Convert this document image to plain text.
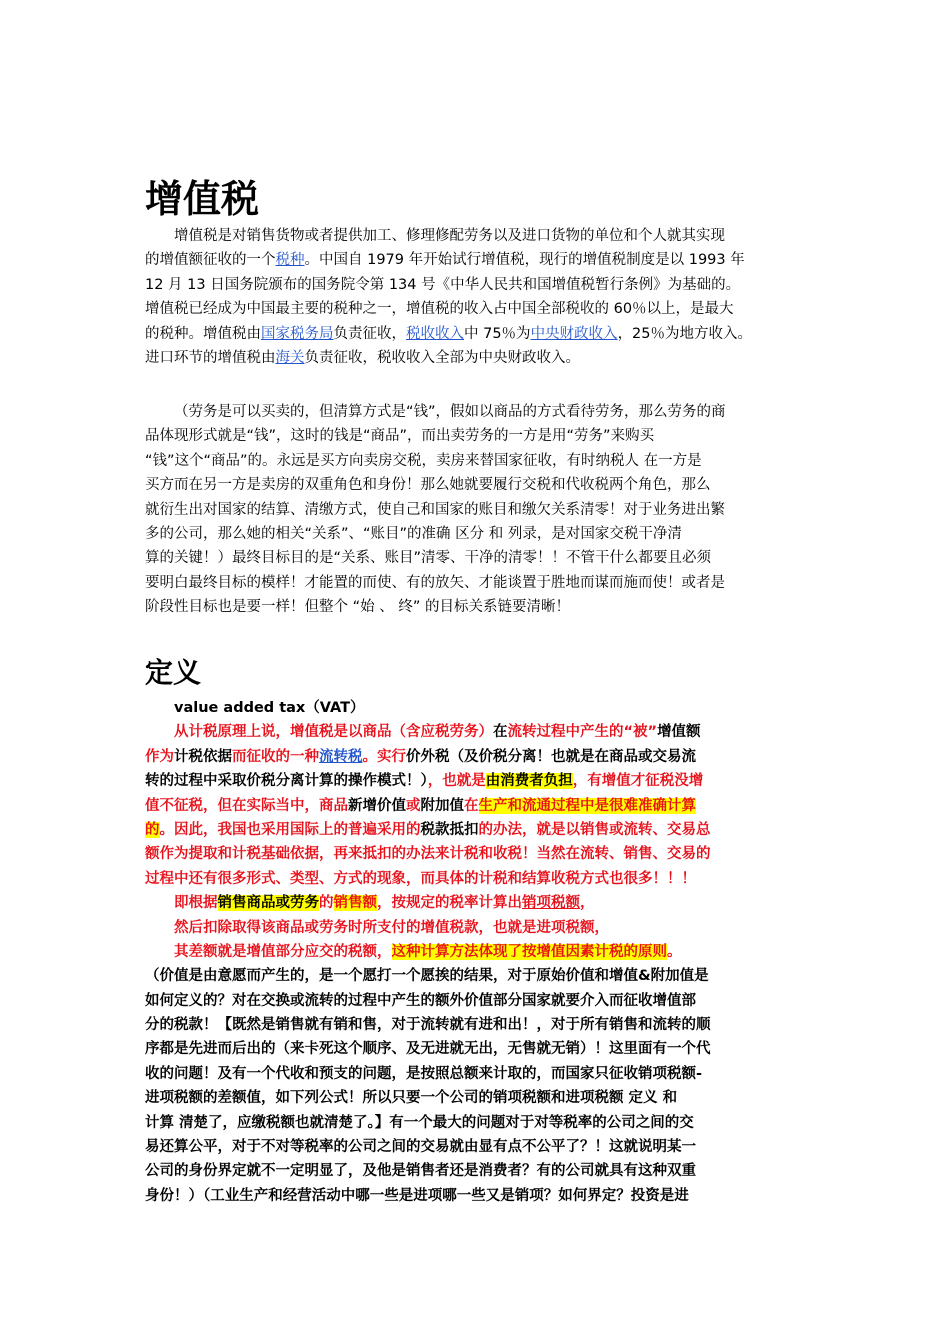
增值税
增值税是对销售货物或者提供加工、修理修配劳务以及进口货物的单位和个人就其实现
的增值额征收的一个税种。中国自 1979 年开始试行增值税，现行的增值税制度是以 1993 年
12 月 13 日国务院颁布的国务院令第 134 号《中华人民共和国增值税暂行条例》为基础的。
增值税已经成为中国最主要的税种之一，增值税的收入占中国全部税收的 60％以上，是最大
的税种。增值税由国家税务局负责征收，税收收入中 75％为中央财政收入，25％为地方收入。
进口环节的增值税由海关负责征收，税收收入全部为中央财政收入。
（劳务是可以买卖的，但清算方式是“钱”，假如以商品的方式看待劳务，那么劳务的商
品体现形式就是“钱”，这时的钱是“商品”，而出卖劳务的一方是用“劳务”来购买
“钱”这个“商品”的。永远是买方向卖房交税，卖房来替国家征收，有时纳税人 在一方是
买方而在另一方是卖房的双重角色和身份！那么她就要履行交税和代收税两个角色，那么
就衍生出对国家的结算、清缴方式，使自己和国家的账目和缴欠关系清零！对于业务进出繁
多的公司，那么她的相关“关系”、“账目”的准确 区分 和 列录，是对国家交税干净清
算的关键！）最终目标目的是“关系、账目”清零、干净的清零！！不管干什么都要且必须
要明白最终目标的模样！才能置的而使、有的放矢、才能谈置于胜地而谋而施而使！或者是
阶段性目标也是要一样！但整个 “始 、 终” 的目标关系链要清晰！
定义
value added tax（VAT）
从计税原理上说，增值税是以商品（含应税劳务）在流转过程中产生的“被”增值额
作为计税依据而征收的一种流转税。实行价外税（及价税分离！也就是在商品或交易流
转的过程中采取价税分离计算的操作模式！），也就是由消费者负担，有增值才征税没增
值不征税，但在实际当中，商品新增价值或附加值在生产和流通过程中是很难准确计算
的。因此，我国也采用国际上的普遍采用的税款抵扣的办法，就是以销售或流转、交易总
额作为提取和计税基础依据，再来抵扣的办法来计税和收税！当然在流转、销售、交易的
过程中还有很多形式、类型、方式的现象，而具体的计税和结算收税方式也很多！！！
即根据销售商品或劳务的销售额，按规定的税率计算出销项税额，
然后扣除取得该商品或劳务时所支付的增值税款，也就是进项税额，
其差额就是增值部分应交的税额，这种计算方法体现了按增值因素计税的原则。
（价值是由意愿而产生的，是一个愿打一个愿挨的结果，对于原始价值和增值&附加值是
如何定义的？对在交换或流转的过程中产生的额外价值部分国家就要介入而征收增值部
分的税款！【既然是销售就有销和售，对于流转就有进和出！，对于所有销售和流转的顺
序都是先进而后出的（来卡死这个顺序、及无进就无出，无售就无销）！这里面有一个代
收的问题！及有一个代收和预支的问题，是按照总额来计取的，而国家只征收销项税额-
进项税额的差额值，如下列公式！所以只要一个公司的销项税额和进项税额 定义 和
计算 清楚了，应缴税额也就清楚了。】有一个最大的问题对于对等税率的公司之间的交
易还算公平，对于不对等税率的公司之间的交易就由显有点不公平了？！这就说明某一
公司的身份界定就不一定明显了，及他是销售者还是消费者？有的公司就具有这种双重
身份！）（工业生产和经营活动中哪一些是进项哪一些又是销项？如何界定？投资是进
